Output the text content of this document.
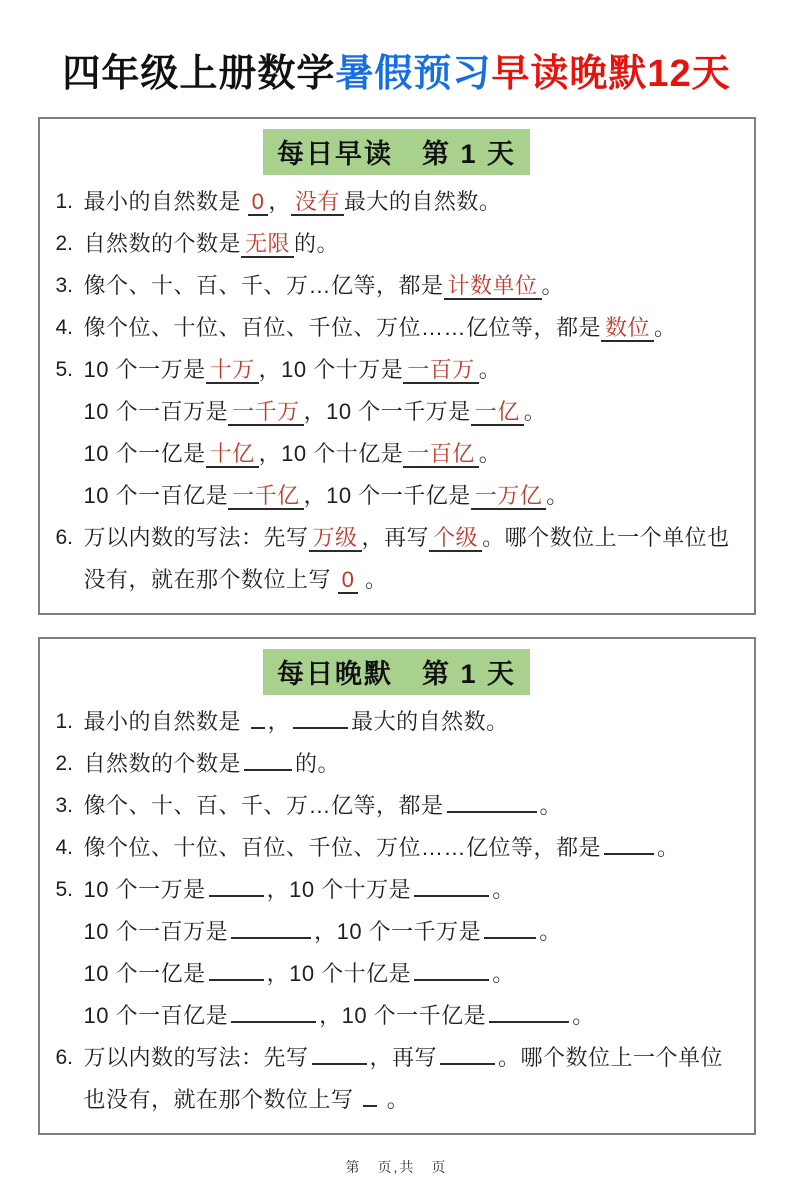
四年级上册数学暑假预习早读晚默12天
每日早读　第 1 天
1. 最小的自然数是 0 ， 没有 最大的自然数。
2. 自然数的个数是 无限 的。
3. 像个、十、百、千、万…亿等，都是 计数单位 。
4. 像个位、十位、百位、千位、万位……亿位等，都是 数位 。
5. 10 个一万是 十万 ，10 个十万是 一百万 。
10 个一百万是 一千万 ，10 个一千万是 一亿 。
10 个一亿是 十亿 ，10 个十亿是 一百亿 。
10 个一百亿是 一千亿 ，10 个一千亿是 一万亿 。
6. 万以内数的写法：先写 万级 ，再写 个级 。哪个数位上一个单位也没有，就在那个数位上写 0 。
每日晚默　第 1 天
1. 最小的自然数是 ，	最大的自然数。
2. 自然数的个数是 的。
3. 像个、十、百、千、万…亿等，都是	。
4. 像个位、十位、百位、千位、万位……亿位等，都是	。
5. 10 个一万是	，10 个十万是	。
10 个一百万是	，10 个一千万是	。
10 个一亿是	，10 个十亿是	。
10 个一百亿是	，10 个一千亿是	。
6. 万以内数的写法：先写	，再写	。哪个数位上一个单位也没有，就在那个数位上写  。
第　页,共　页
